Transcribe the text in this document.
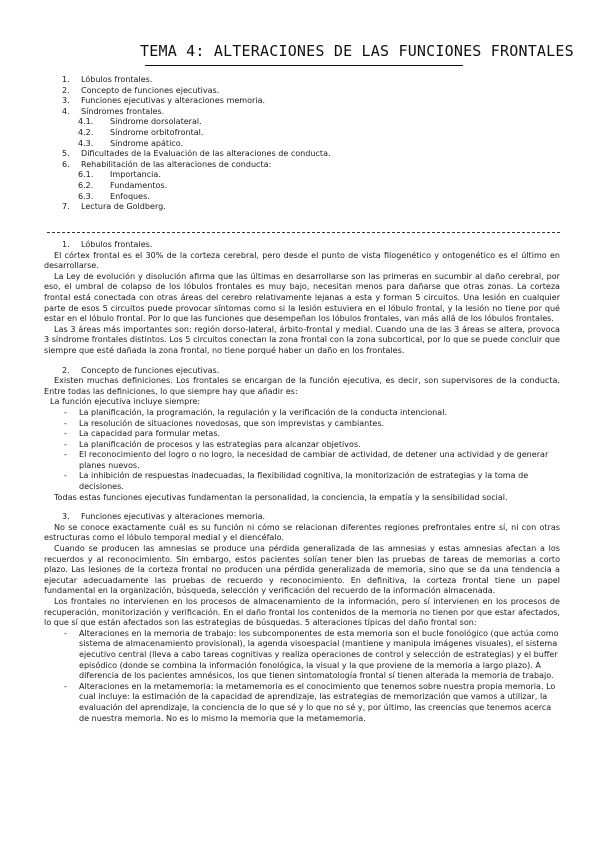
TEMA 4: ALTERACIONES DE LAS FUNCIONES FRONTALES
1.	Lóbulos frontales.
2.	Concepto de funciones ejecutivas.
3.	Funciones ejecutivas y alteraciones memoria.
4.	Síndromes frontales.
4.1.	Síndrome dorsolateral.
4.2.	Síndrome orbitofrontal.
4.3.	Síndrome apático.
5.	Dificultades de la Evaluación de las alteraciones de conducta.
6.	Rehabilitación de las alteraciones de conducta:
6.1.	Importancia.
6.2.	Fundamentos.
6.3.	Enfoques.
7.	Lectura de Goldberg.
1. Lóbulos frontales.

El córtex frontal es el 30% de la corteza cerebral, pero desde el punto de vista filogenético y ontogenético es el último en desarrollarse.

La Ley de evolución y disolución afirma que las últimas en desarrollarse son las primeras en sucumbir al daño cerebral, por eso, el umbral de colapso de los lóbulos frontales es muy bajo, necesitan menos para dañarse que otras zonas. La corteza frontal está conectada con otras áreas del cerebro relativamente lejanas a esta y forman 5 circuitos. Una lesión en cualquier parte de esos 5 circuitos puede provocar síntomas como si la lesión estuviera en el lóbulo frontal, y la lesión no tiene por qué estar en el lóbulo frontal. Por lo que las funciones que desempeñan los lóbulos frontales, van más allá de los lóbulos frontales.

Las 3 áreas más importantes son: región dorso-lateral, árbito-frontal y medial. Cuando una de las 3 áreas se altera, provoca 3 síndrome frontales distintos. Los 5 circuitos conectan la zona frontal con la zona subcortical, por lo que se puede concluir que siempre que esté dañada la zona frontal, no tiene porqué haber un daño en los frontales.

2. Concepto de funciones ejecutivas.

Existen muchas definiciones. Los frontales se encargan de la función ejecutiva, es decir, son supervisores de la conducta. Entre todas las definiciones, lo que siempre hay que añadir es:

La función ejecutiva incluye siempre:
- La planificación, la programación, la regulación y la verificación de la conducta intencional.
- La resolución de situaciones novedosas, que son imprevistas y cambiantes.
- La capacidad para formular metas.
- La planificación de procesos y las estrategias para alcanzar objetivos.
- El reconocimiento del logro o no logro, la necesidad de cambiar de actividad, de detener una actividad y de generar planes nuevos.
- La inhibición de respuestas inadecuadas, la flexibilidad cognitiva, la monitorización de estrategias y la toma de decisiones.

Todas estas funciones ejecutivas fundamentan la personalidad, la conciencia, la empatía y la sensibilidad social.

3. Funciones ejecutivas y alteraciones memoria.

No se conoce exactamente cuál es su función ni cómo se relacionan diferentes regiones prefrontales entre sí, ni con otras estructuras como el lóbulo temporal medial y el diencéfalo.

Cuando se producen las amnesias se produce una pérdida generalizada de las amnesias y estas amnesias afectan a los recuerdos y al reconocimiento. Sin embargo, estos pacientes solían tener bien las pruebas de tareas de memorias a corto plazo. Las lesiones de la corteza frontal no producen una pérdida generalizada de memoria, sino que se da una tendencia a ejecutar adecuadamente las pruebas de recuerdo y reconocimiento. En definitiva, la corteza frontal tiene un papel fundamental en la organización, búsqueda, selección y verificación del recuerdo de la información almacenada.

Los frontales no intervienen en los procesos de almacenamiento de la información, pero sí intervienen en los procesos de recuperación, monitorización y verificación. En el daño frontal los contenidos de la memoria no tienen por que estar afectados, lo que sí que están afectados son las estrategias de búsquedas. 5 alteraciones típicas del daño frontal son:

- Alteraciones en la memoria de trabajo: los subcomponentes de esta memoria son el bucle fonológico (que actúa como sistema de almacenamiento provisional), la agenda visoespacial (mantiene y manipula imágenes visuales), el sistema ejecutivo central (lleva a cabo tareas cognitivas y realiza operaciones de control y selección de estrategias) y el buffer episódico (donde se combina la información fonológica, la visual y la que proviene de la memoria a largo plazo). A diferencia de los pacientes amnésicos, los que tienen sintomatología frontal sí tienen alterada la memoria de trabajo.
- Alteraciones en la metamemoria: la metamemoria es el conocimiento que tenemos sobre nuestra propia memoria. Lo cual incluye: la estimación de la capacidad de aprendizaje, las estrategias de memorización que vamos a utilizar, la evaluación del aprendizaje, la conciencia de lo que sé y lo que no sé y, por último, las creencias que tenemos acerca de nuestra memoria. No es lo mismo la memoria que la metamemoria.
